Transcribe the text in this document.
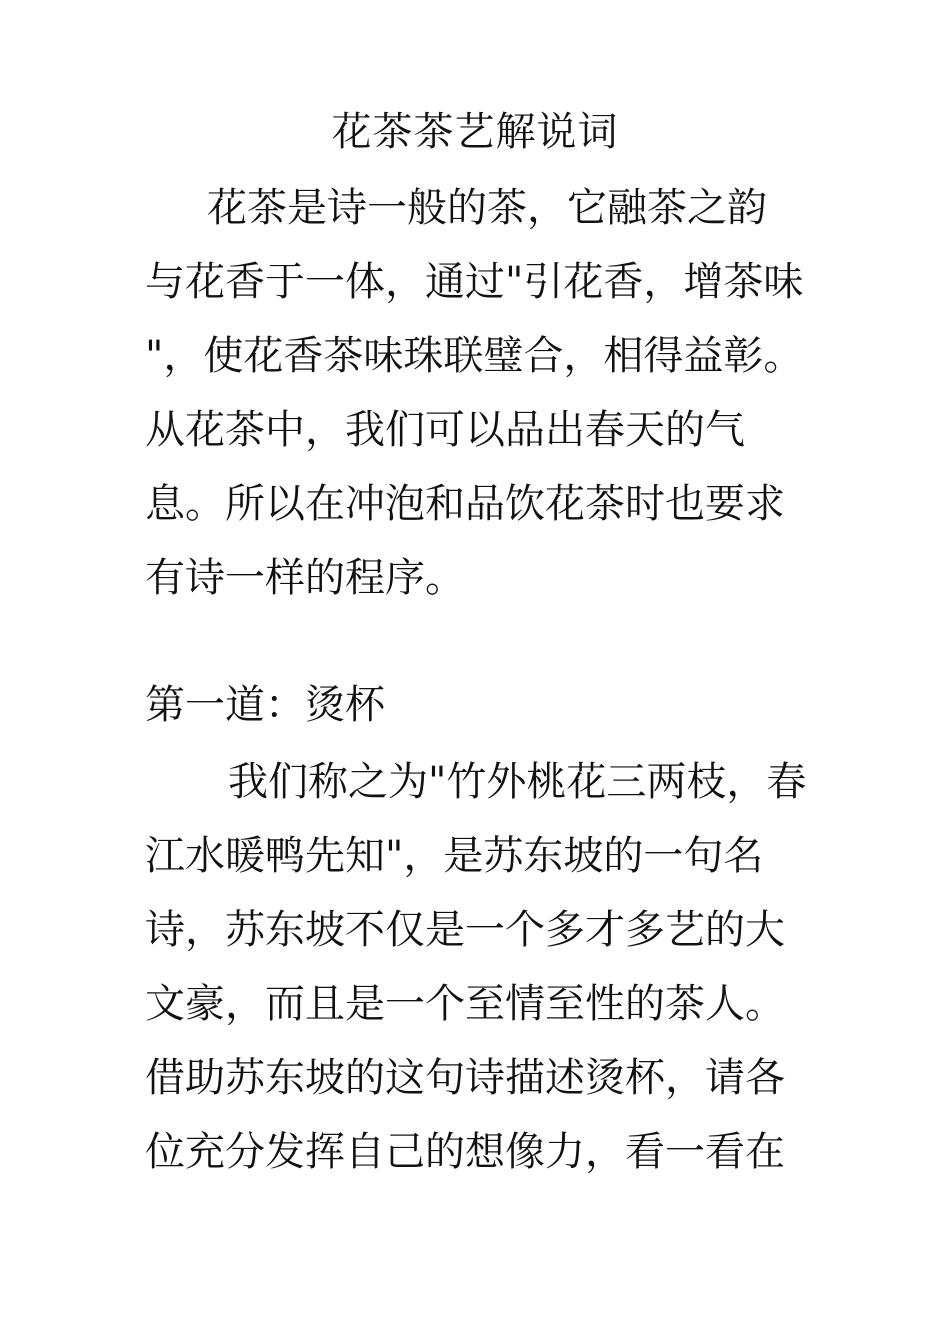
花茶茶艺解说词
花茶是诗一般的茶，它融茶之韵
与花香于一体，通过"引花香，增茶味
"，使花香茶味珠联璧合，相得益彰。
从花茶中，我们可以品出春天的气
息。所以在冲泡和品饮花茶时也要求
有诗一样的程序。
第一道：烫杯
我们称之为"竹外桃花三两枝，春
江水暖鸭先知"，是苏东坡的一句名
诗，苏东坡不仅是一个多才多艺的大
文豪，而且是一个至情至性的茶人。
借助苏东坡的这句诗描述烫杯，请各
位充分发挥自己的想像力，看一看在
